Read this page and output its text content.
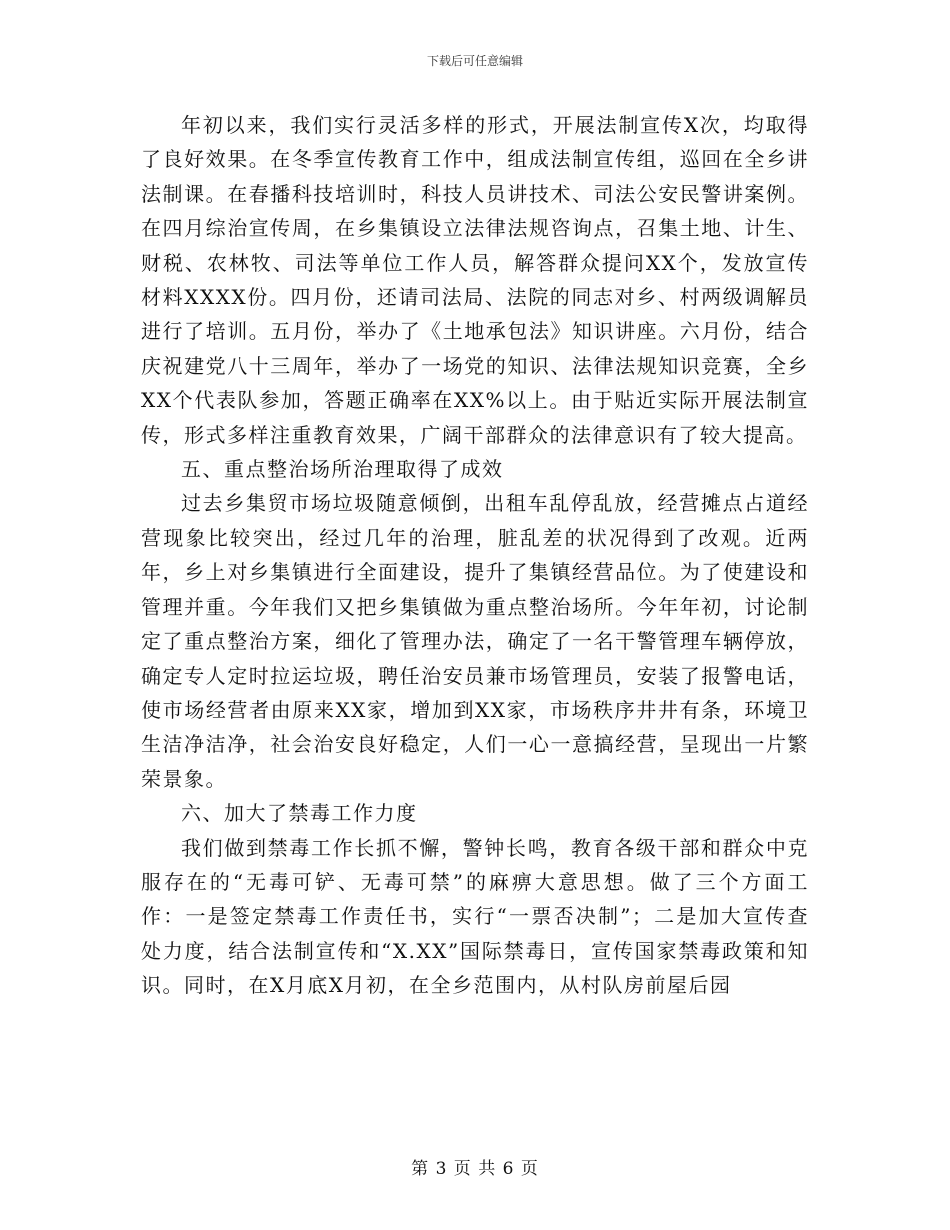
下载后可任意编辑

年初以来，我们实行灵活多样的形式，开展法制宣传X次，均取得了良好效果。在冬季宣传教育工作中，组成法制宣传组，巡回在全乡讲法制课。在春播科技培训时，科技人员讲技术、司法公安民警讲案例。在四月综治宣传周，在乡集镇设立法律法规咨询点，召集土地、计生、财税、农林牧、司法等单位工作人员，解答群众提问XX个，发放宣传材料XXXX份。四月份，还请司法局、法院的同志对乡、村两级调解员进行了培训。五月份，举办了《土地承包法》知识讲座。六月份，结合庆祝建党八十三周年，举办了一场党的知识、法律法规知识竞赛，全乡XX个代表队参加，答题正确率在XX%以上。由于贴近实际开展法制宣传，形式多样注重教育效果，广阔干部群众的法律意识有了较大提高。

五、重点整治场所治理取得了成效

过去乡集贸市场垃圾随意倾倒，出租车乱停乱放，经营摊点占道经营现象比较突出，经过几年的治理，脏乱差的状况得到了改观。近两年，乡上对乡集镇进行全面建设，提升了集镇经营品位。为了使建设和管理并重。今年我们又把乡集镇做为重点整治场所。今年年初，讨论制定了重点整治方案，细化了管理办法，确定了一名干警管理车辆停放，确定专人定时拉运垃圾，聘任治安员兼市场管理员，安装了报警电话，使市场经营者由原来XX家，增加到XX家，市场秩序井井有条，环境卫生洁净洁净，社会治安良好稳定，人们一心一意搞经营，呈现出一片繁荣景象。

六、加大了禁毒工作力度

我们做到禁毒工作长抓不懈，警钟长鸣，教育各级干部和群众中克服存在的“无毒可铲、无毒可禁”的麻痹大意思想。做了三个方面工作：一是签定禁毒工作责任书，实行“一票否决制”；二是加大宣传查处力度，结合法制宣传和“X.XX”国际禁毒日，宣传国家禁毒政策和知识。同时，在X月底X月初，在全乡范围内，从村队房前屋后园

第 3 页 共 6 页
